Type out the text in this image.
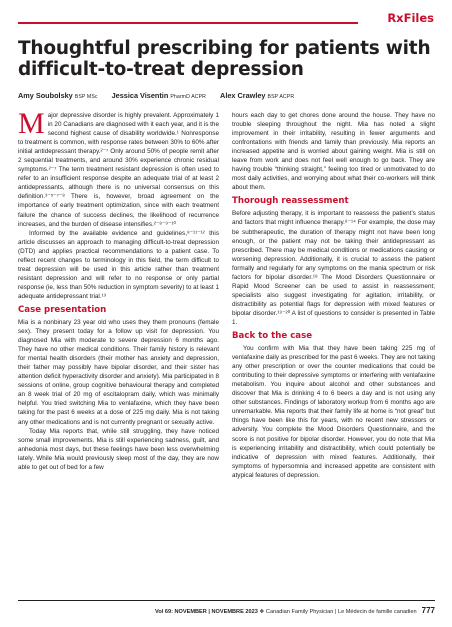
RxFiles
Thoughtful prescribing for patients with difficult-to-treat depression
Amy Soubolsky BSP MSc Jessica Visentin PharmD ACPR Alex Crawley BSP ACPR

Major depressive disorder is highly prevalent. Approximately 1 in 20 Canadians are diagnosed with it each year, and it is the second highest cause of disability worldwide.¹ Nonresponse to treatment is common, with response rates between 30% to 60% after initial antidepressant therapy.²⁻⁷ Only around 50% of people remit after 2 sequential treatments, and around 30% experience chronic residual symptoms.²⁻⁷ The term treatment resistant depression is often used to refer to an insufficient response despite an adequate trial of at least 2 antidepressants, although there is no universal consensus on this definition.³⁻⁵⁻⁷⁻⁸ There is, however, broad agreement on the importance of early treatment optimization, since with each treatment failure the chance of success declines, the likelihood of recurrence increases, and the burden of disease intensifies.²⁻⁸⁻⁹⁻¹⁰

Informed by the available evidence and guidelines,⁸⁻¹¹⁻¹² this article discusses an approach to managing difficult-to-treat depression (DTD) and applies practical recommendations to a patient case. To reflect recent changes to terminology in this field, the term difficult to treat depression will be used in this article rather than treatment resistant depression and will refer to no response or only partial response (ie, less than 50% reduction in symptom severity) to at least 1 adequate antidepressant trial.¹³

Case presentation

Mia is a nonbinary 23 year old who uses they them pronouns (female sex). They present today for a follow up visit for depression. You diagnosed Mia with moderate to severe depression 6 months ago. They have no other medical conditions. Their family history is relevant for mental health disorders (their mother has anxiety and depression, their father may possibly have bipolar disorder, and their sister has attention deficit hyperactivity disorder and anxiety). Mia participated in 8 sessions of online, group cognitive behavioural therapy and completed an 8 week trial of 20 mg of escitalopram daily, which was minimally helpful. You tried switching Mia to venlafaxine, which they have been taking for the past 6 weeks at a dose of 225 mg daily. Mia is not taking any other medications and is not currently pregnant or sexually active.

Today Mia reports that, while still struggling, they have noticed some small improvements. Mia is still experiencing sadness, guilt, and anhedonia most days, but these feelings have been less overwhelming lately. While Mia would previously sleep most of the day, they are now able to get out of bed for a few

hours each day to get chores done around the house. They have no trouble sleeping throughout the night. Mia has noted a slight improvement in their irritability, resulting in fewer arguments and confrontations with friends and family than previously. Mia reports an increased appetite and is worried about gaining weight. Mia is still on leave from work and does not feel well enough to go back. They are having trouble “thinking straight,” feeling too tired or unmotivated to do most daily activities, and worrying about what their co-workers will think about them.

Thorough reassessment

Before adjusting therapy, it is important to reassess the patient’s status and factors that might influence therapy.⁸⁻¹⁴ For example, the dose may be subtherapeutic, the duration of therapy might not have been long enough, or the patient may not be taking their antidepressant as prescribed. There may be medical conditions or medications causing or worsening depression. Additionally, it is crucial to assess the patient formally and regularly for any symptoms on the mania spectrum or risk factors for bipolar disorder.¹⁸ The Mood Disorders Questionnaire or Rapid Mood Screener can be used to assist in reassessment; specialists also suggest investigating for agitation, irritability, or distractibility as potential flags for depression with mixed features or bipolar disorder.¹⁹⁻²⁰ A list of questions to consider is presented in Table 1.

Back to the case

You confirm with Mia that they have been taking 225 mg of venlafaxine daily as prescribed for the past 6 weeks. They are not taking any other prescription or over the counter medications that could be contributing to their depressive symptoms or interfering with venlafaxine metabolism. You inquire about alcohol and other substances and discover that Mia is drinking 4 to 6 beers a day and is not using any other substances. Findings of laboratory workup from 6 months ago are unremarkable. Mia reports that their family life at home is “not great” but things have been like this for years, with no recent new stressors or adversity. You complete the Mood Disorders Questionnaire, and the score is not positive for bipolar disorder. However, you do note that Mia is experiencing irritability and distractibility, which could potentially be indicative of depression with mixed features. Additionally, their symptoms of hypersomnia and increased appetite are consistent with atypical features of depression.

Vol 69: NOVEMBER | NOVEMBRE 2023 ❖ Canadian Family Physician | Le Médecin de famille canadien 777
